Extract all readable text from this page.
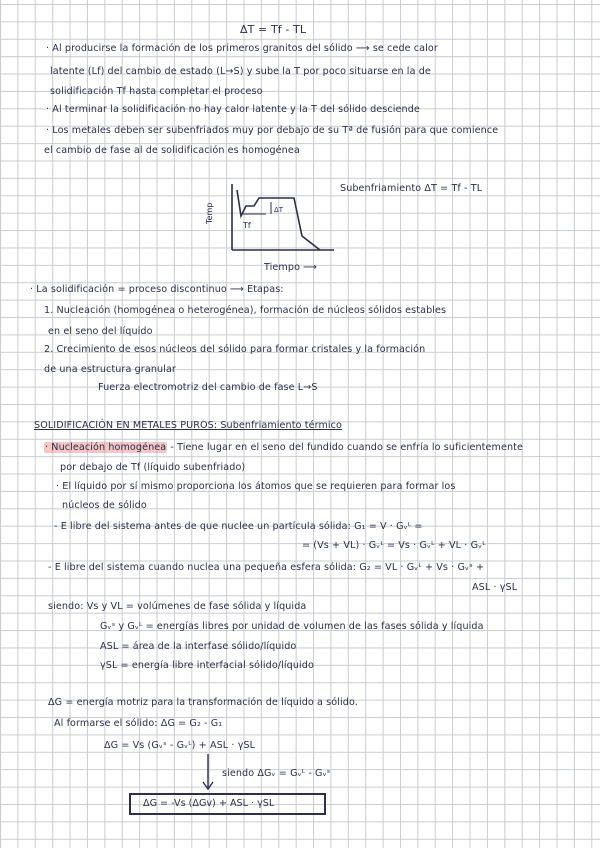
ΔT = Tf - TL
· Al producirse la formación de los primeros granitos del sólido ⟶ se cede calor
latente (Lf) del cambio de estado (L→S) y sube la T por poco situarse en la de
solidificación Tf hasta completar el proceso
· Al terminar la solidificación no hay calor latente y la T del sólido desciende
· Los metales deben ser subenfriados muy por debajo de su Tª de fusión para que comience
el cambio de fase al de solidificación es homogénea
Temp
Tf
ΔT
Tiempo ⟶
Subenfriamiento ΔT = Tf - TL
· La solidificación = proceso discontinuo ⟶ Etapas:
1. Nucleación (homogénea o heterogénea), formación de núcleos sólidos estables
en el seno del líquido
2. Crecimiento de esos núcleos del sólido para formar cristales y la formación
de una estructura granular
Fuerza electromotriz del cambio de fase L→S
SOLIDIFICACIÓN EN METALES PUROS: Subenfriamiento térmico
· Nucleación homogénea - Tiene lugar en el seno del fundido cuando se enfría lo suficientemente
por debajo de Tf (líquido subenfriado)
· El líquido por sí mismo proporciona los átomos que se requieren para formar los
núcleos de sólido
- E libre del sistema antes de que nuclee un partícula sólida: G₁ = V · Gᵥᴸ =
= (Vs + VL) · Gᵥᴸ = Vs · Gᵥᴸ + VL · Gᵥᴸ
- E libre del sistema cuando nuclea una pequeña esfera sólida: G₂ = VL · Gᵥᴸ + Vs · Gᵥˢ +
ASL · γSL
siendo: Vs y VL = volúmenes de fase sólida y líquida
Gᵥˢ y Gᵥᴸ = energías libres por unidad de volumen de las fases sólida y líquida
ASL = área de la interfase sólido/líquido
γSL = energía libre interfacial sólido/líquido
ΔG = energía motriz para la transformación de líquido a sólido.
Al formarse el sólido: ΔG = G₂ - G₁
ΔG = Vs (Gᵥˢ - Gᵥᴸ) + ASL · γSL
siendo ΔGᵥ = Gᵥᴸ - Gᵥˢ
ΔG = -Vs (ΔGv) + ASL · γSL
